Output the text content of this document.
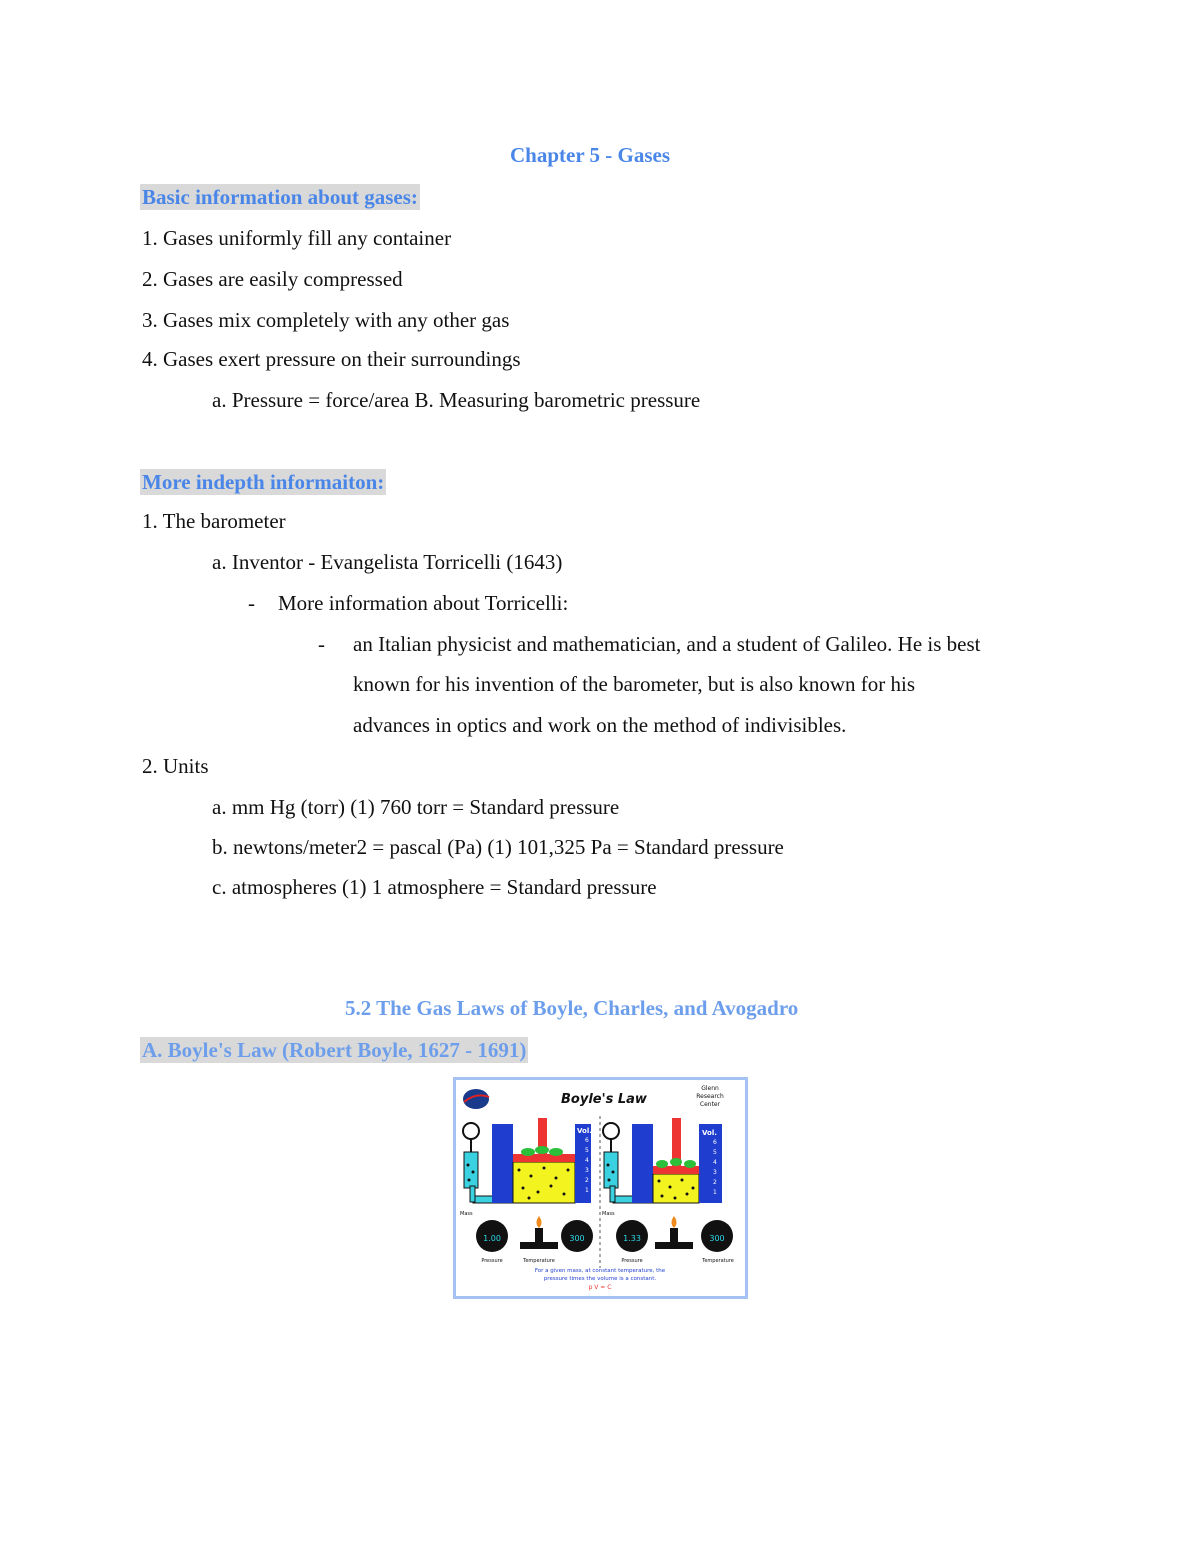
Chapter 5 - Gases
Basic information about gases:
1. Gases uniformly fill any container
2. Gases are easily compressed
3. Gases mix completely with any other gas
4. Gases exert pressure on their surroundings
a. Pressure = force/area B. Measuring barometric pressure
More indepth informaiton:
1. The barometer
a. Inventor - Evangelista Torricelli (1643)
- More information about Torricelli:
- an Italian physicist and mathematician, and a student of Galileo. He is best
known for his invention of the barometer, but is also known for his
advances in optics and work on the method of indivisibles.
2. Units
a. mm Hg (torr) (1) 760 torr = Standard pressure
b. newtons/meter2 = pascal (Pa) (1) 101,325 Pa = Standard pressure
c. atmospheres (1) 1 atmosphere = Standard pressure
5.2 The Gas Laws of Boyle, Charles, and Avogadro
A. Boyle's Law (Robert Boyle, 1627 - 1691)
Boyle's Law
Glenn
Research
Center
Mass
Vol.
6
5
4
3
2
1
1.00
Pressure	Temperature
300
Mass
Vol.
6
5
4
3
2
1
1.33
Pressure
300
Temperature
For a given mass, at constant temperature, the
pressure times the volume is a constant.
p V = C
